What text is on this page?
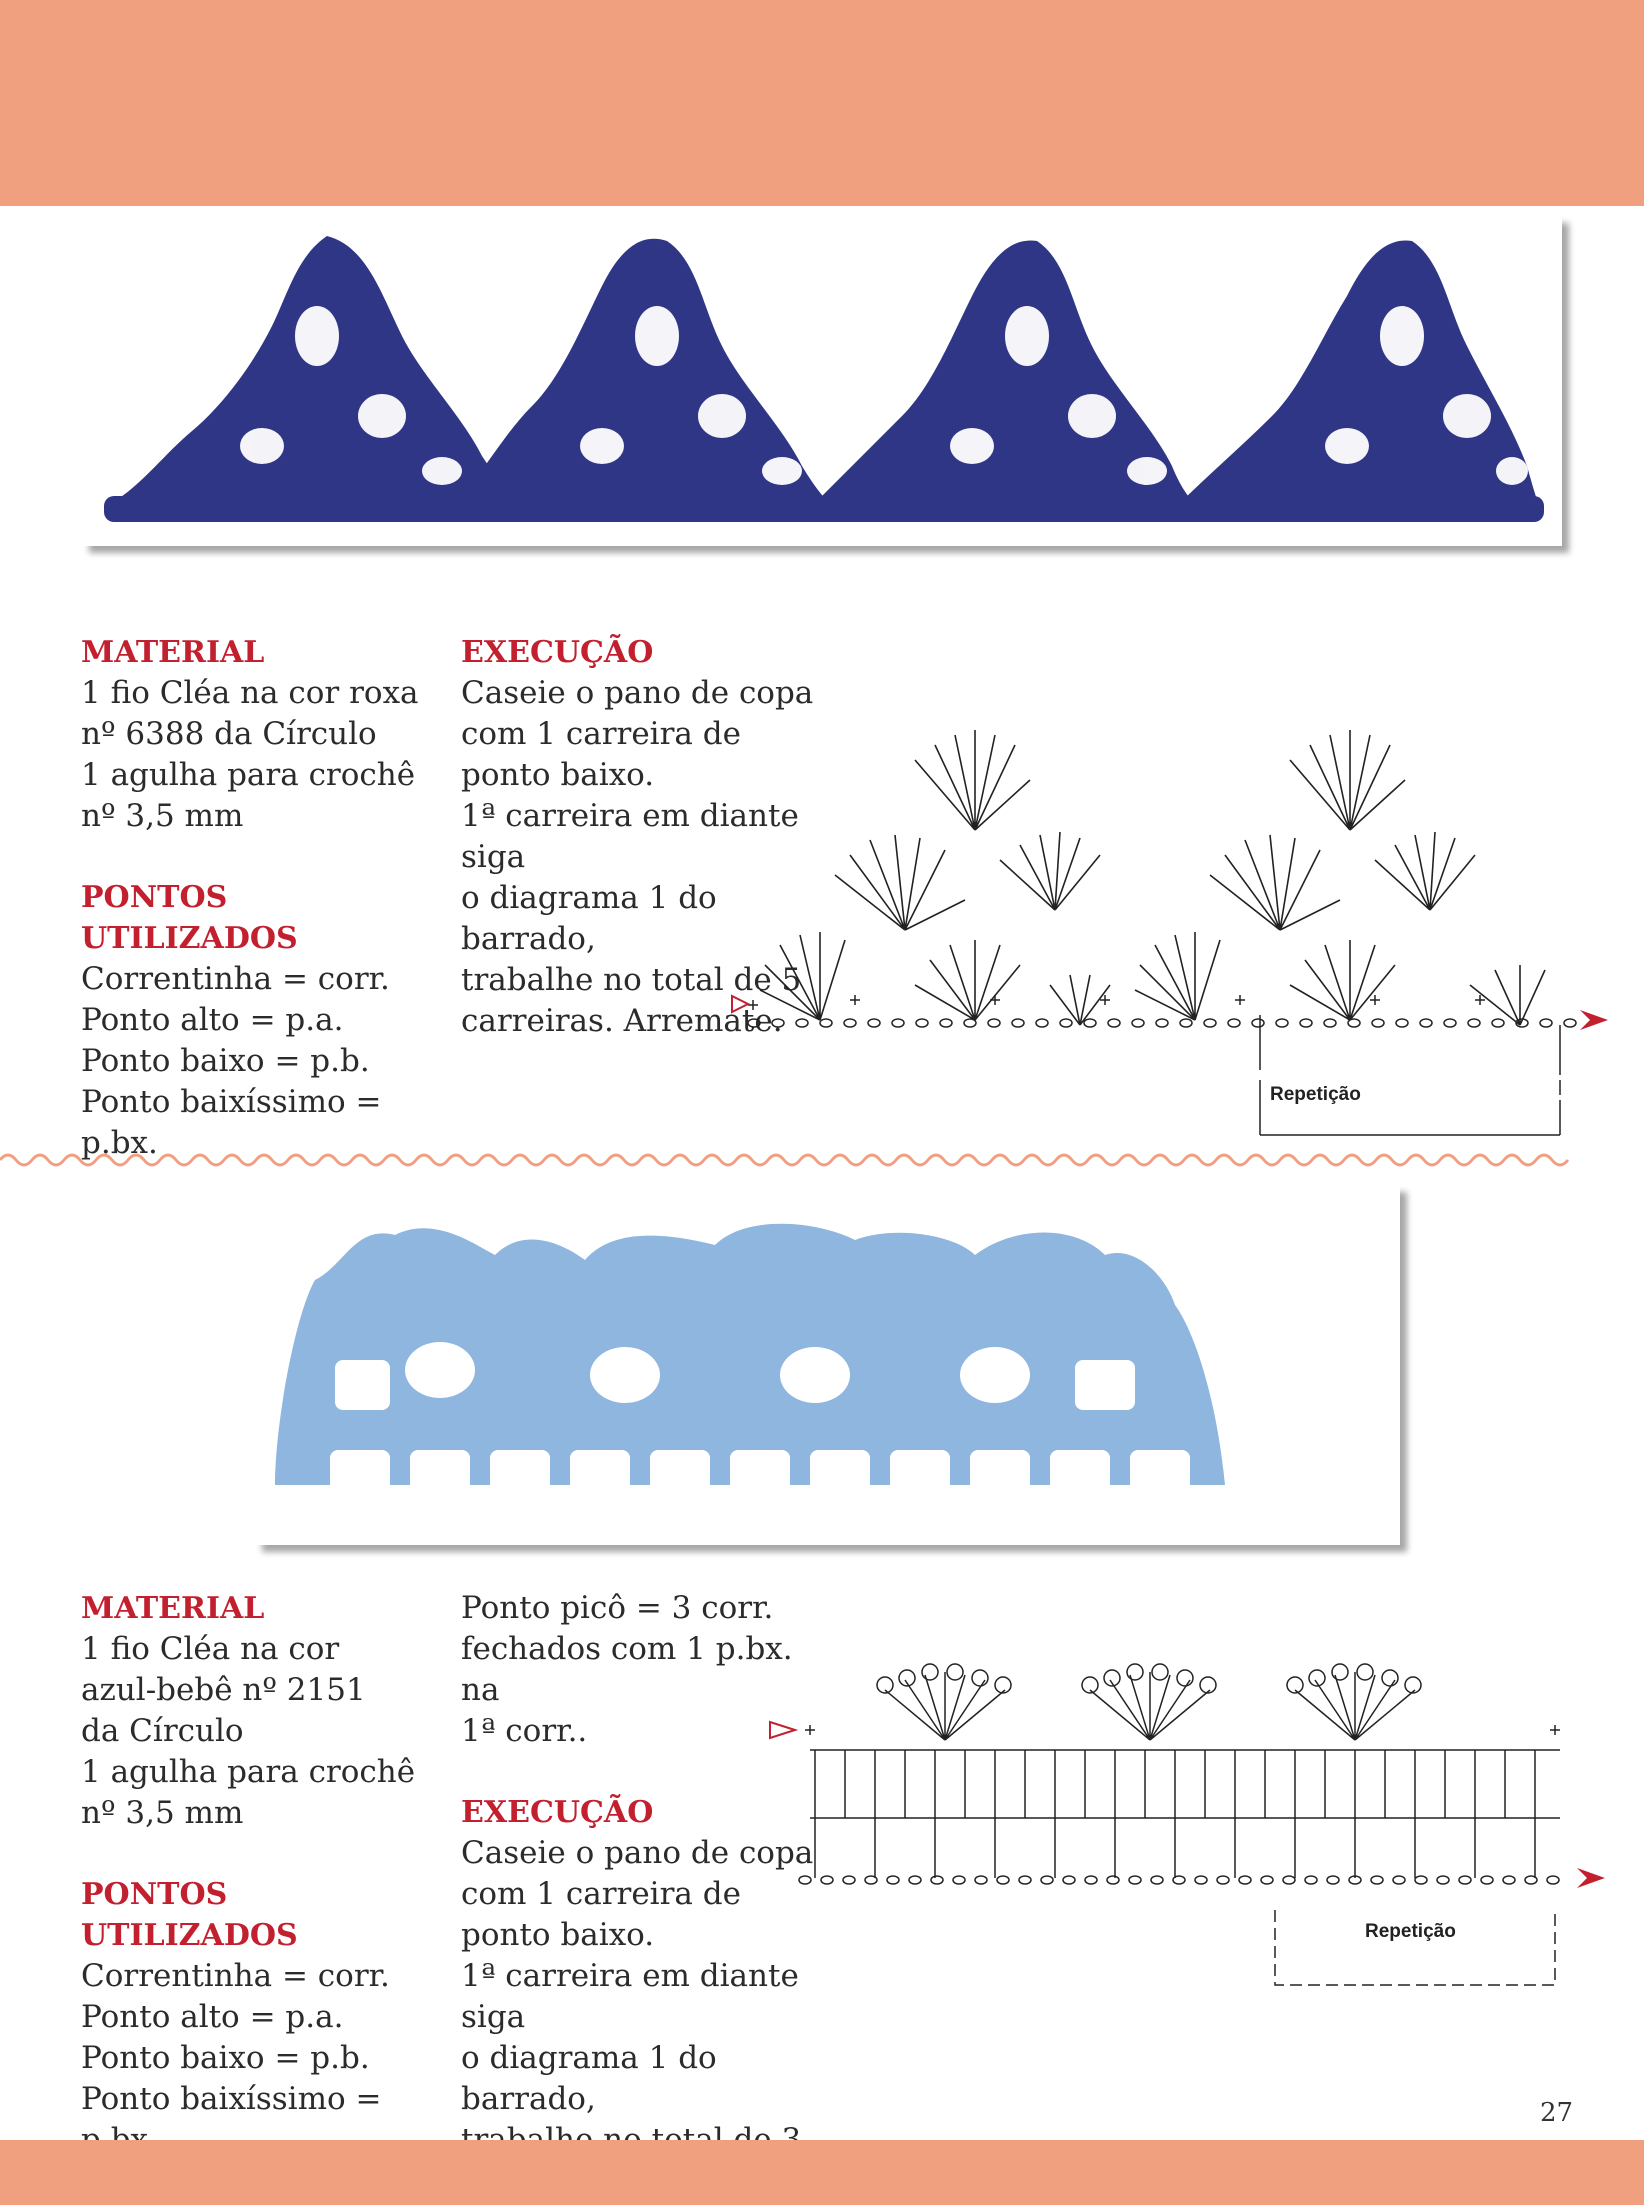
MATERIAL

1 fio Cléa na cor roxa

nº 6388 da Círculo

1 agulha para crochê

nº 3,5 mm

PONTOS UTILIZADOS

Correntinha = corr.

Ponto alto = p.a.

Ponto baixo = p.b.

Ponto baixíssimo = p.bx.

EXECUÇÃO

Caseie o pano de copa

com 1 carreira de

ponto baixo.

1ª carreira em diante siga

o diagrama 1 do barrado,

trabalhe no total de 5

carreiras. Arremate.

Repetição

MATERIAL

1 fio Cléa na cor

azul-bebê nº 2151

da Círculo

1 agulha para crochê

nº 3,5 mm

PONTOS UTILIZADOS

Correntinha = corr.

Ponto alto = p.a.

Ponto baixo = p.b.

Ponto baixíssimo =

Ponto picô = 3 corr.

fechados com 1 p.bx. na

1ª corr..

EXECUÇÃO

Caseie o pano de copa

com 1 carreira de

ponto baixo.

1ª carreira em diante siga

o diagrama 1 do barrado,

Repetição
27
